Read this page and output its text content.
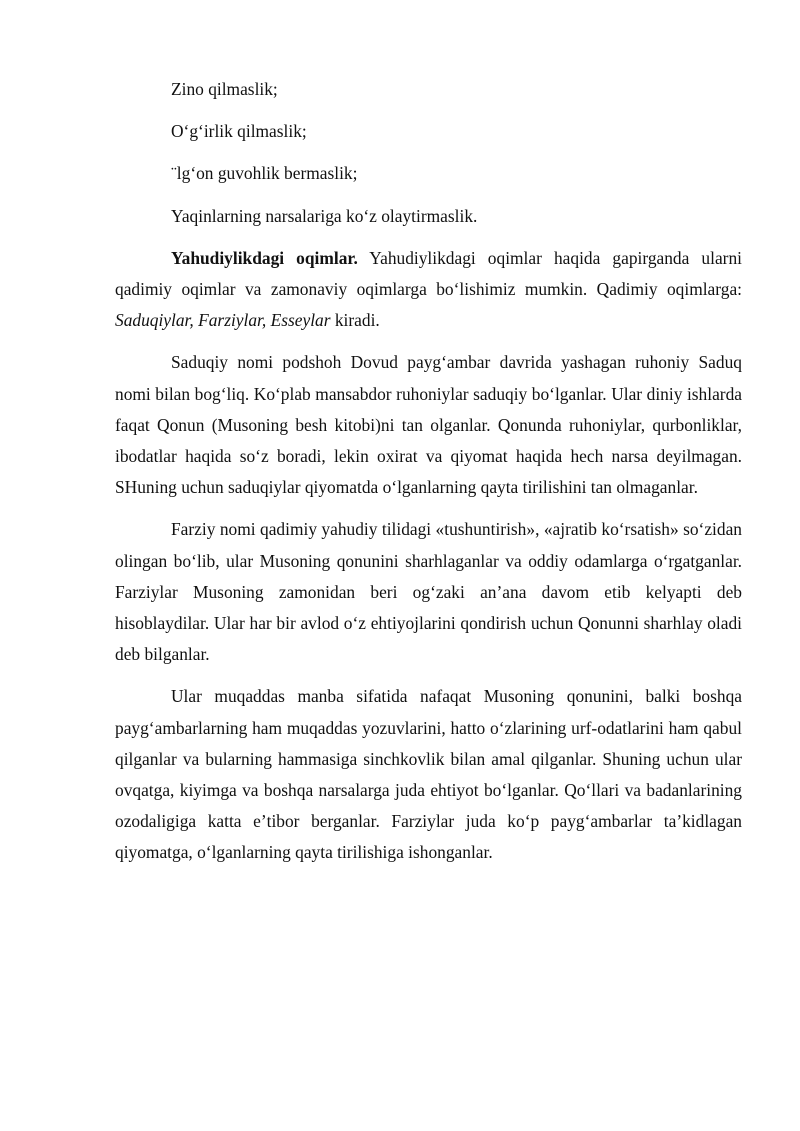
Zino qilmaslik;

Oʻgʻirlik qilmaslik;

¨lgʻon guvohlik bermaslik;

Yaqinlarning narsalariga koʻz olaytirmaslik.

Yahudiylikdagi oqimlar. Yahudiylikdagi oqimlar haqida gapirganda ularni qadimiy oqimlar va zamonaviy oqimlarga boʻlishimiz mumkin. Qadimiy oqimlarga: Saduqiylar, Farziylar, Esseylar kiradi.

Saduqiy nomi podshoh Dovud paygʻambar davrida yashagan ruhoniy Saduq nomi bilan bogʻliq. Koʻplab mansabdor ruhoniylar saduqiy boʻlganlar. Ular diniy ishlarda faqat Qonun (Musoning besh kitobi)ni tan olganlar. Qonunda ruhoniylar, qurbonliklar, ibodatlar haqida soʻz boradi, lekin oxirat va qiyomat haqida hech narsa deyilmagan. SHuning uchun saduqiylar qiyomatda oʻlganlarning qayta tirilishini tan olmaganlar.

Farziy nomi qadimiy yahudiy tilidagi «tushuntirish», «ajratib koʻrsatish» soʻzidan olingan boʻlib, ular Musoning qonunini sharhlaganlar va oddiy odamlarga oʻrgatganlar. Farziylar Musoning zamonidan beri ogʻzaki anʼana davom etib kelyapti deb hisoblaydilar. Ular har bir avlod oʻz ehtiyojlarini qondirish uchun Qonunni sharhlay oladi deb bilganlar.

Ular muqaddas manba sifatida nafaqat Musoning qonunini, balki boshqa paygʻambarlarning ham muqaddas yozuvlarini, hatto oʻzlarining urf-odatlarini ham qabul qilganlar va bularning hammasiga sinchkovlik bilan amal qilganlar. Shuning uchun ular ovqatga, kiyimga va boshqa narsalarga juda ehtiyot boʻlganlar. Qoʻllari va badanlarining ozodaligiga katta eʼtibor berganlar. Farziylar juda koʻp paygʻambarlar taʼkidlagan qiyomatga, oʻlganlarning qayta tirilishiga ishonganlar.
